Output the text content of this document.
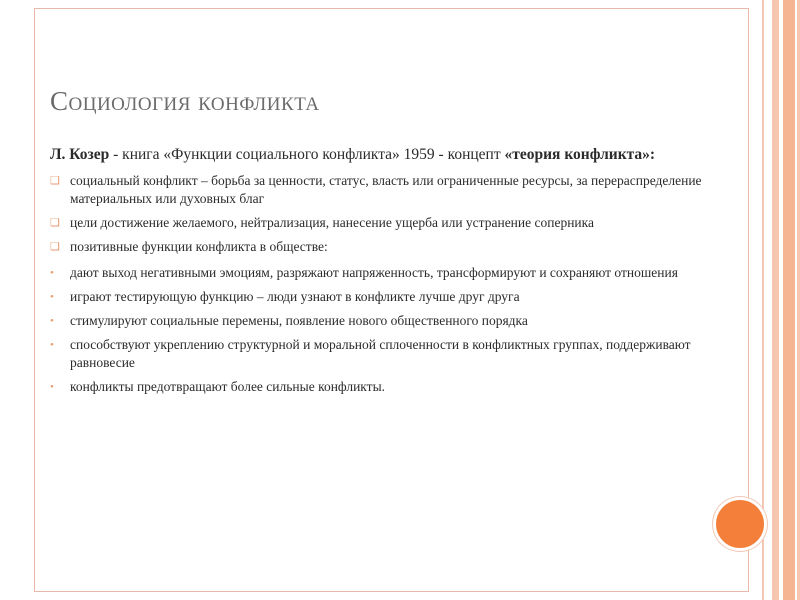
Социология конфликта

Л. Козер - книга «Функции социального конфликта» 1959 - концепт «теория конфликта»:

❑ социальный конфликт – борьба за ценности, статус, власть или ограниченные ресурсы, за перераспределение материальных или духовных благ
❑ цели достижение желаемого, нейтрализация, нанесение ущерба или устранение соперника
❑ позитивные функции конфликта в обществе:
• дают выход негативными эмоциям, разряжают напряженность, трансформируют и сохраняют отношения
• играют тестирующую функцию – люди узнают в конфликте лучше друг друга
• стимулируют социальные перемены, появление нового общественного порядка
• способствуют укреплению структурной и моральной сплоченности в конфликтных группах, поддерживают равновесие
• конфликты предотвращают более сильные конфликты.
